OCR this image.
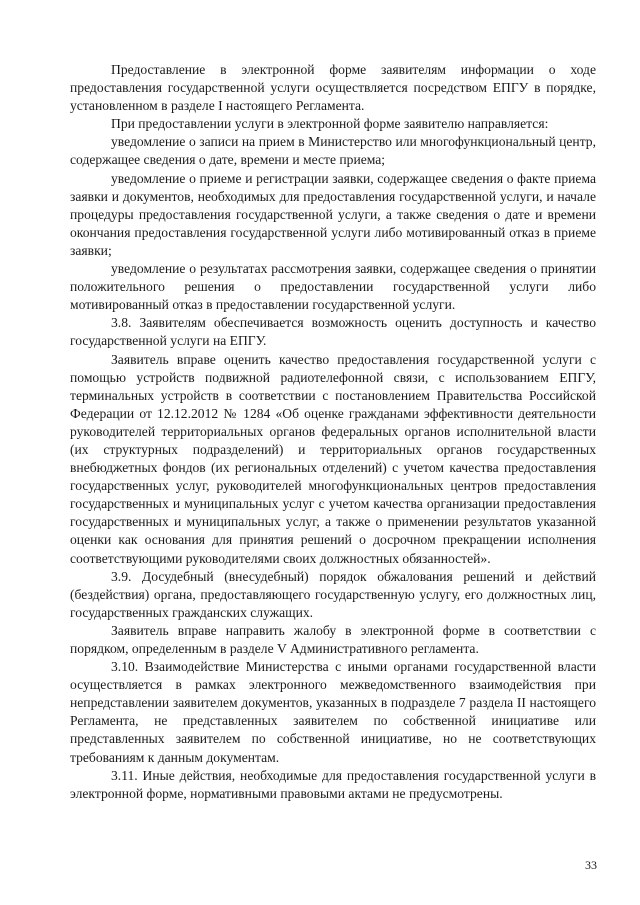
Предоставление в электронной форме заявителям информации о ходе предоставления государственной услуги осуществляется посредством ЕПГУ в порядке, установленном в разделе I настоящего Регламента.

При предоставлении услуги в электронной форме заявителю направляется:

уведомление о записи на прием в Министерство или многофункциональный центр, содержащее сведения о дате, времени и месте приема;

уведомление о приеме и регистрации заявки, содержащее сведения о факте приема заявки и документов, необходимых для предоставления государственной услуги, и начале процедуры предоставления государственной услуги, а также сведения о дате и времени окончания предоставления государственной услуги либо мотивированный отказ в приеме заявки;

уведомление о результатах рассмотрения заявки, содержащее сведения о принятии положительного решения о предоставлении государственной услуги либо мотивированный отказ в предоставлении государственной услуги.

3.8. Заявителям обеспечивается возможность оценить доступность и качество государственной услуги на ЕПГУ.

Заявитель вправе оценить качество предоставления государственной услуги с помощью устройств подвижной радиотелефонной связи, с использованием ЕПГУ, терминальных устройств в соответствии с постановлением Правительства Российской Федерации от 12.12.2012 № 1284 «Об оценке гражданами эффективности деятельности руководителей территориальных органов федеральных органов исполнительной власти (их структурных подразделений) и территориальных органов государственных внебюджетных фондов (их региональных отделений) с учетом качества предоставления государственных услуг, руководителей многофункциональных центров предоставления государственных и муниципальных услуг с учетом качества организации предоставления государственных и муниципальных услуг, а также о применении результатов указанной оценки как основания для принятия решений о досрочном прекращении исполнения соответствующими руководителями своих должностных обязанностей».

3.9. Досудебный (внесудебный) порядок обжалования решений и действий (бездействия) органа, предоставляющего государственную услугу, его должностных лиц, государственных гражданских служащих.

Заявитель вправе направить жалобу в электронной форме в соответствии с порядком, определенным в разделе V Административного регламента.

3.10. Взаимодействие Министерства с иными органами государственной власти осуществляется в рамках электронного межведомственного взаимодействия при непредставлении заявителем документов, указанных в подразделе 7 раздела II настоящего Регламента, не представленных заявителем по собственной инициативе или представленных заявителем по собственной инициативе, но не соответствующих требованиям к данным документам.

3.11. Иные действия, необходимые для предоставления государственной услуги в электронной форме, нормативными правовыми актами не предусмотрены.

33
